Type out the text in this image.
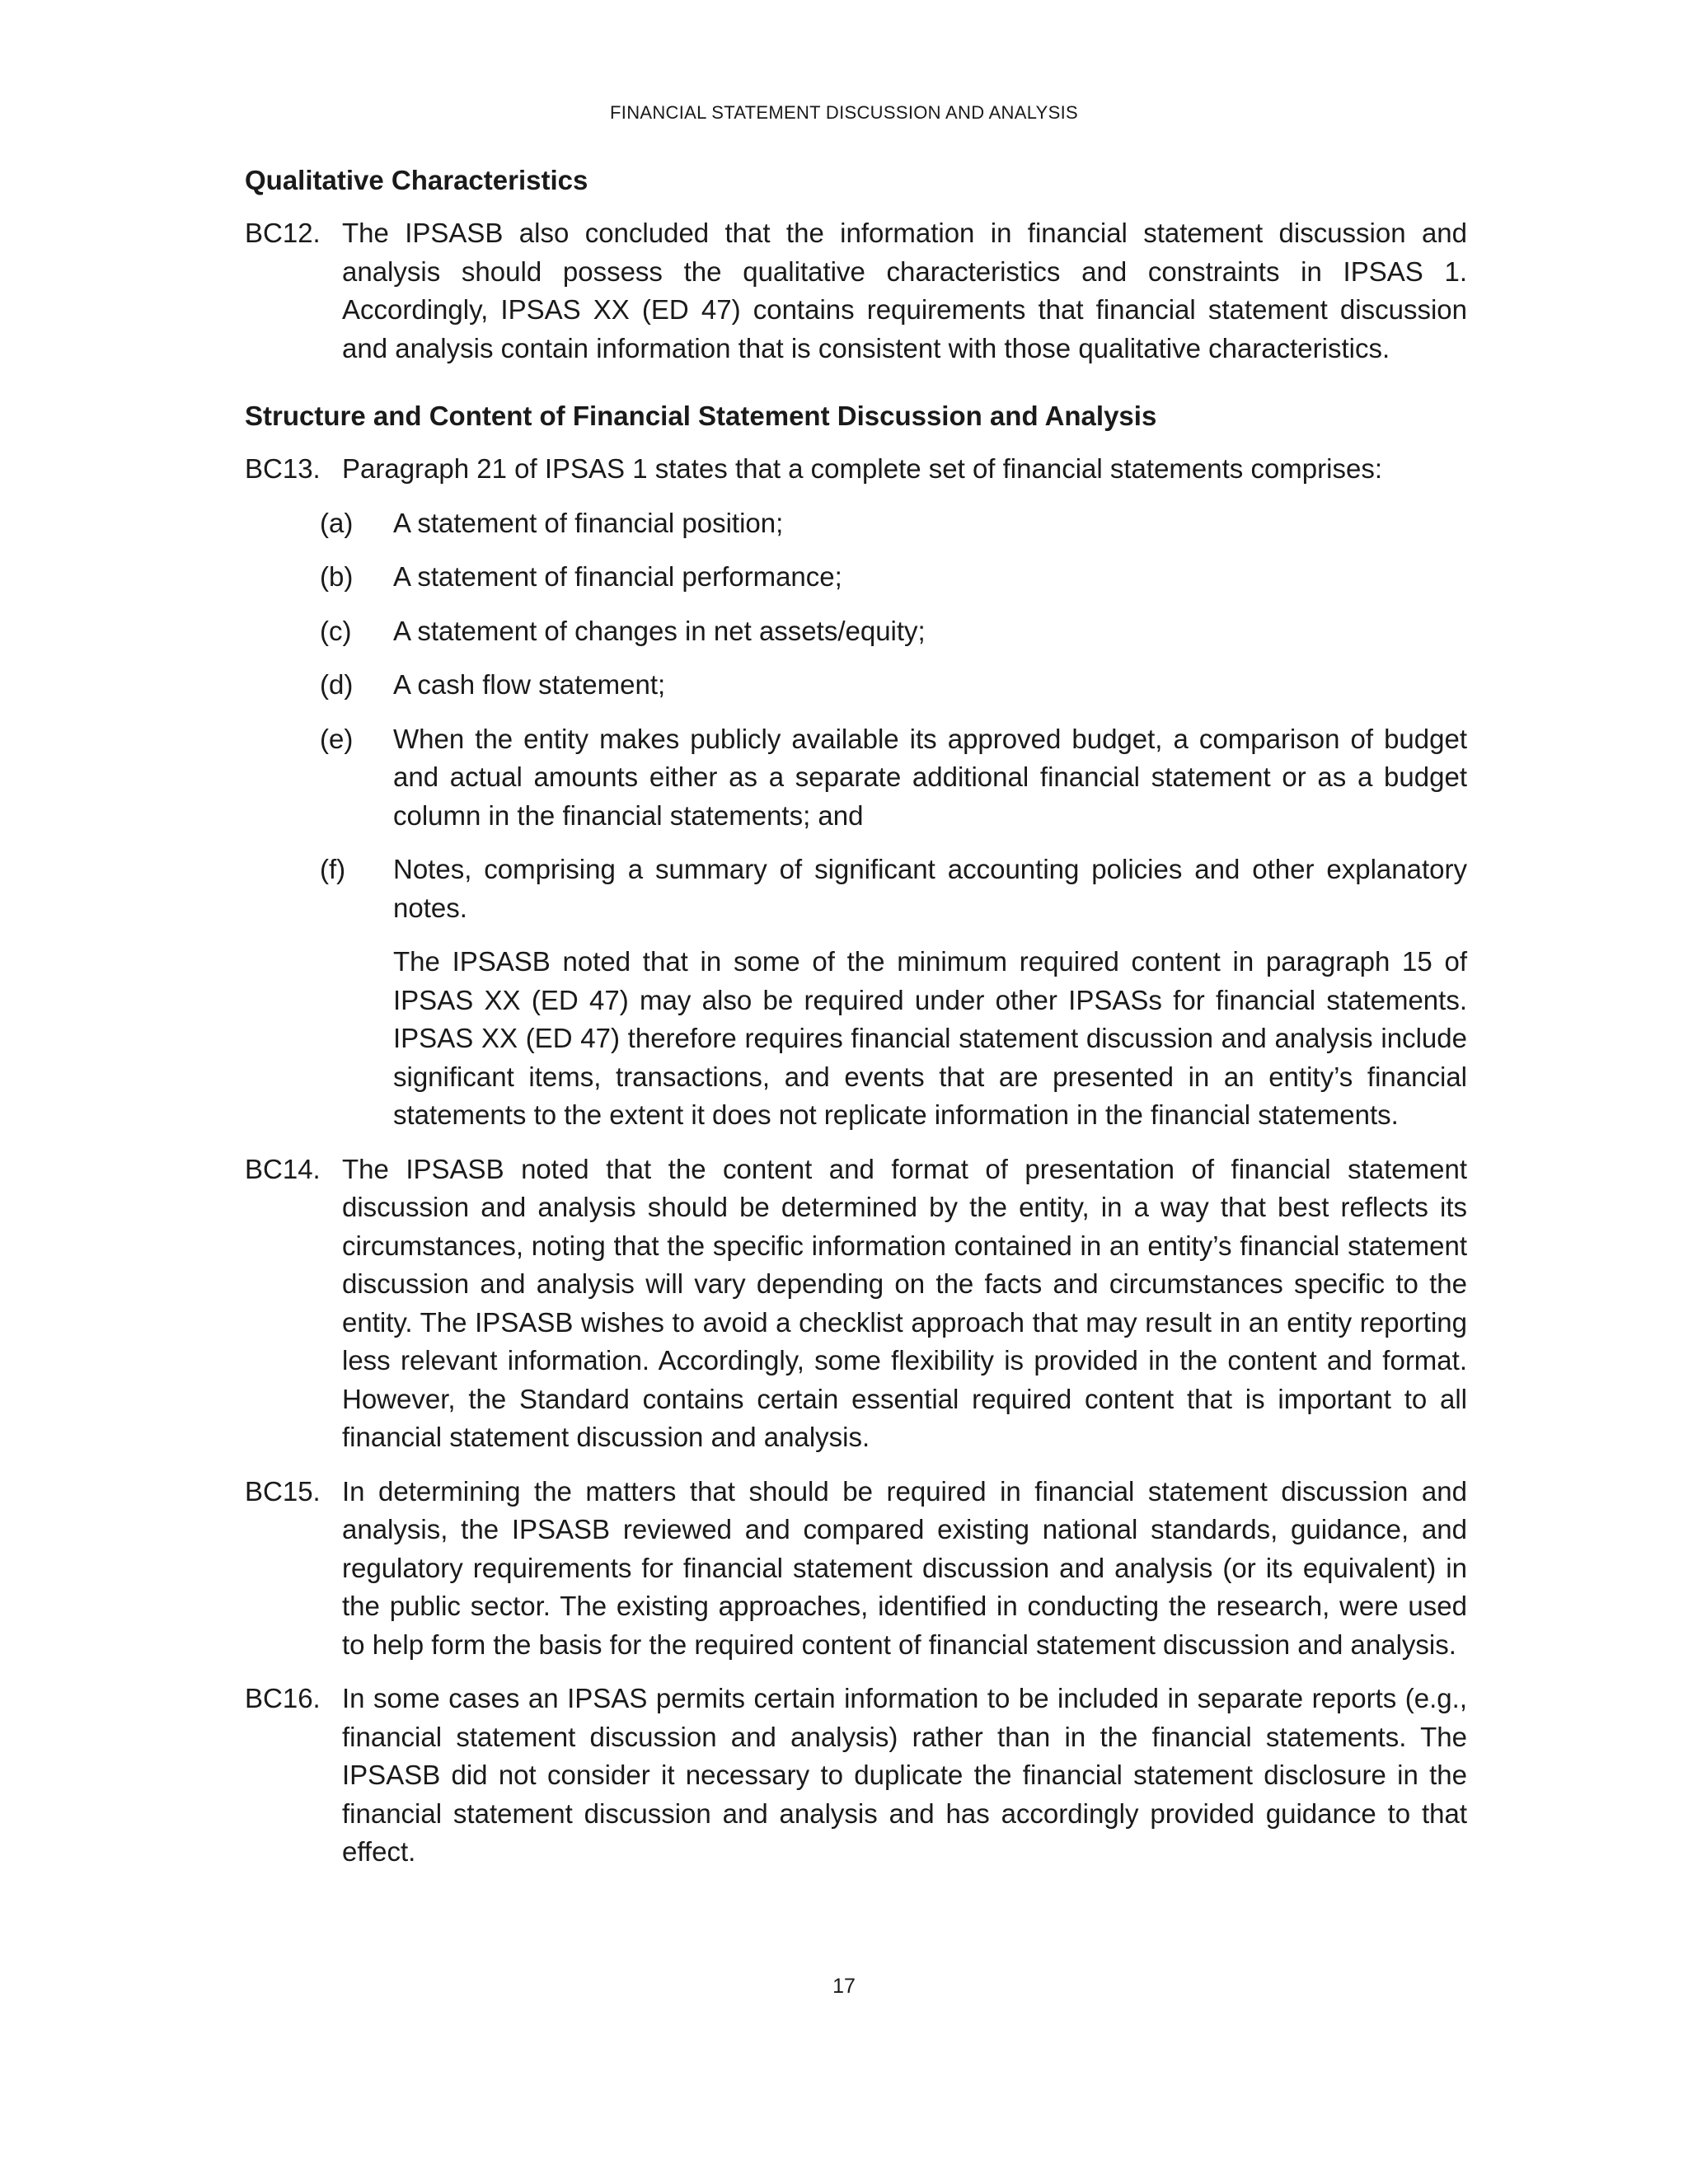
FINANCIAL STATEMENT DISCUSSION AND ANALYSIS
Qualitative Characteristics
BC12. The IPSASB also concluded that the information in financial statement discussion and analysis should possess the qualitative characteristics and constraints in IPSAS 1. Accordingly, IPSAS XX (ED 47) contains requirements that financial statement discussion and analysis contain information that is consistent with those qualitative characteristics.
Structure and Content of Financial Statement Discussion and Analysis
BC13. Paragraph 21 of IPSAS 1 states that a complete set of financial statements comprises:
(a)	A statement of financial position;
(b)	A statement of financial performance;
(c)	A statement of changes in net assets/equity;
(d)	A cash flow statement;
(e)	When the entity makes publicly available its approved budget, a comparison of budget and actual amounts either as a separate additional financial statement or as a budget column in the financial statements; and
(f)	Notes, comprising a summary of significant accounting policies and other explanatory notes.
The IPSASB noted that in some of the minimum required content in paragraph 15 of IPSAS XX (ED 47) may also be required under other IPSASs for financial statements. IPSAS XX (ED 47) therefore requires financial statement discussion and analysis include significant items, transactions, and events that are presented in an entity’s financial statements to the extent it does not replicate information in the financial statements.
BC14. The IPSASB noted that the content and format of presentation of financial statement discussion and analysis should be determined by the entity, in a way that best reflects its circumstances, noting that the specific information contained in an entity’s financial statement discussion and analysis will vary depending on the facts and circumstances specific to the entity. The IPSASB wishes to avoid a checklist approach that may result in an entity reporting less relevant information. Accordingly, some flexibility is provided in the content and format. However, the Standard contains certain essential required content that is important to all financial statement discussion and analysis.
BC15. In determining the matters that should be required in financial statement discussion and analysis, the IPSASB reviewed and compared existing national standards, guidance, and regulatory requirements for financial statement discussion and analysis (or its equivalent) in the public sector. The existing approaches, identified in conducting the research, were used to help form the basis for the required content of financial statement discussion and analysis.
BC16. In some cases an IPSAS permits certain information to be included in separate reports (e.g., financial statement discussion and analysis) rather than in the financial statements. The IPSASB did not consider it necessary to duplicate the financial statement disclosure in the financial statement discussion and analysis and has accordingly provided guidance to that effect.
17
